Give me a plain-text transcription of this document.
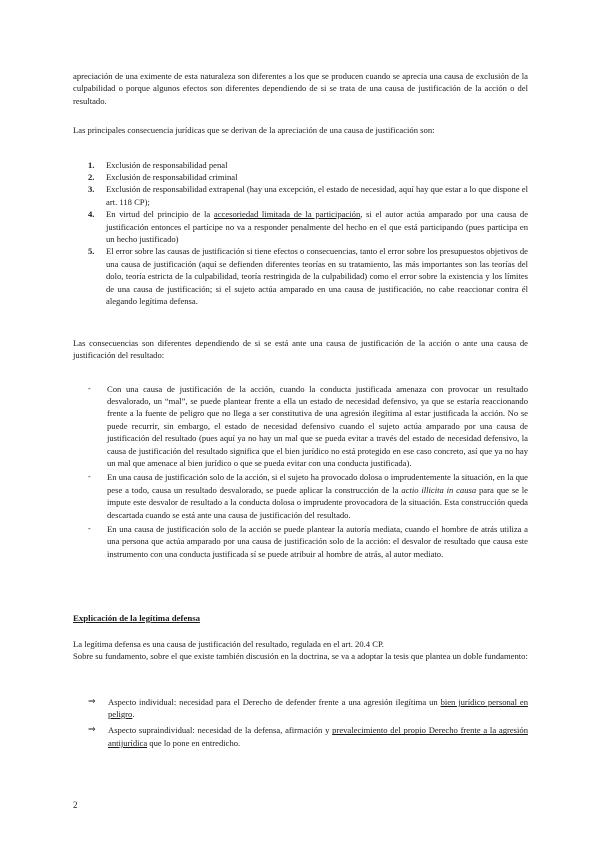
apreciación de una eximente de esta naturaleza son diferentes a los que se producen cuando se aprecia una causa de exclusión de la culpabilidad o porque algunos efectos son diferentes dependiendo de si se trata de una causa de justificación de la acción o del resultado.

Las principales consecuencia jurídicas que se derivan de la apreciación de una causa de justificación son:

1. Exclusión de responsabilidad penal
2. Exclusión de responsabilidad criminal
3. Exclusión de responsabilidad extrapenal (hay una excepción, el estado de necesidad, aquí hay que estar a lo que dispone el art. 118 CP);
4. En virtud del principio de la accesoriedad limitada de la participación, si el autor actúa amparado por una causa de justificación entonces el partícipe no va a responder penalmente del hecho en el que está participando (pues participa en un hecho justificado)
5. El error sobre las causas de justificación si tiene efectos o consecuencias, tanto el error sobre los presupuestos objetivos de una causa de justificación (aquí se defienden diferentes teorías en su tratamiento, las más importantes son las teorías del dolo, teoría estricta de la culpabilidad, teoría restringida de la culpabilidad) como el error sobre la existencia y los límites de una causa de justificación; si el sujeto actúa amparado en una causa de justificación, no cabe reaccionar contra él alegando legítima defensa.

Las consecuencias son diferentes dependiendo de si se está ante una causa de justificación de la acción o ante una causa de justificación del resultado:

- Con una causa de justificación de la acción, cuando la conducta justificada amenaza con provocar un resultado desvalorado, un “mal”, se puede plantear frente a ella un estado de necesidad defensivo, ya que se estaría reaccionando frente a la fuente de peligro que no llega a ser constitutiva de una agresión ilegítima al estar justificada la acción. No se puede recurrir, sin embargo, el estado de necesidad defensivo cuando el sujeto actúa amparado por una causa de justificación del resultado (pues aquí ya no hay un mal que se pueda evitar a través del estado de necesidad defensivo, la causa de justificación del resultado significa que el bien jurídico no está protegido en ese caso concreto, así que ya no hay un mal que amenace al bien jurídico o que se pueda evitar con una conducta justificada).
- En una causa de justificación solo de la acción, si el sujeto ha provocado dolosa o imprudentemente la situación, en la que pese a todo, causa un resultado desvalorado, se puede aplicar la construcción de la actio illicita in causa para que se le impute este desvalor de resultado a la conducta dolosa o imprudente provocadora de la situación. Esta construcción queda descartada cuando se está ante una causa de justificación del resultado.
- En una causa de justificación solo de la acción se puede plantear la autoría mediata, cuando el hombre de atrás utiliza a una persona que actúa amparado por una causa de justificación solo de la acción: el desvalor de resultado que causa este instrumento con una conducta justificada sí se puede atribuir al hombre de atrás, al autor mediato.
Explicación de la legítima defensa
La legítima defensa es una causa de justificación del resultado, regulada en el art. 20.4 CP.
Sobre su fundamento, sobre el que existe también discusión en la doctrina, se va a adoptar la tesis que plantea un doble fundamento:
⇒ Aspecto individual: necesidad para el Derecho de defender frente a una agresión ilegítima un bien jurídico personal en peligro.
⇒ Aspecto supraindividual: necesidad de la defensa, afirmación y prevalecimiento del propio Derecho frente a la agresión antijurídica que lo pone en entredicho.
2
